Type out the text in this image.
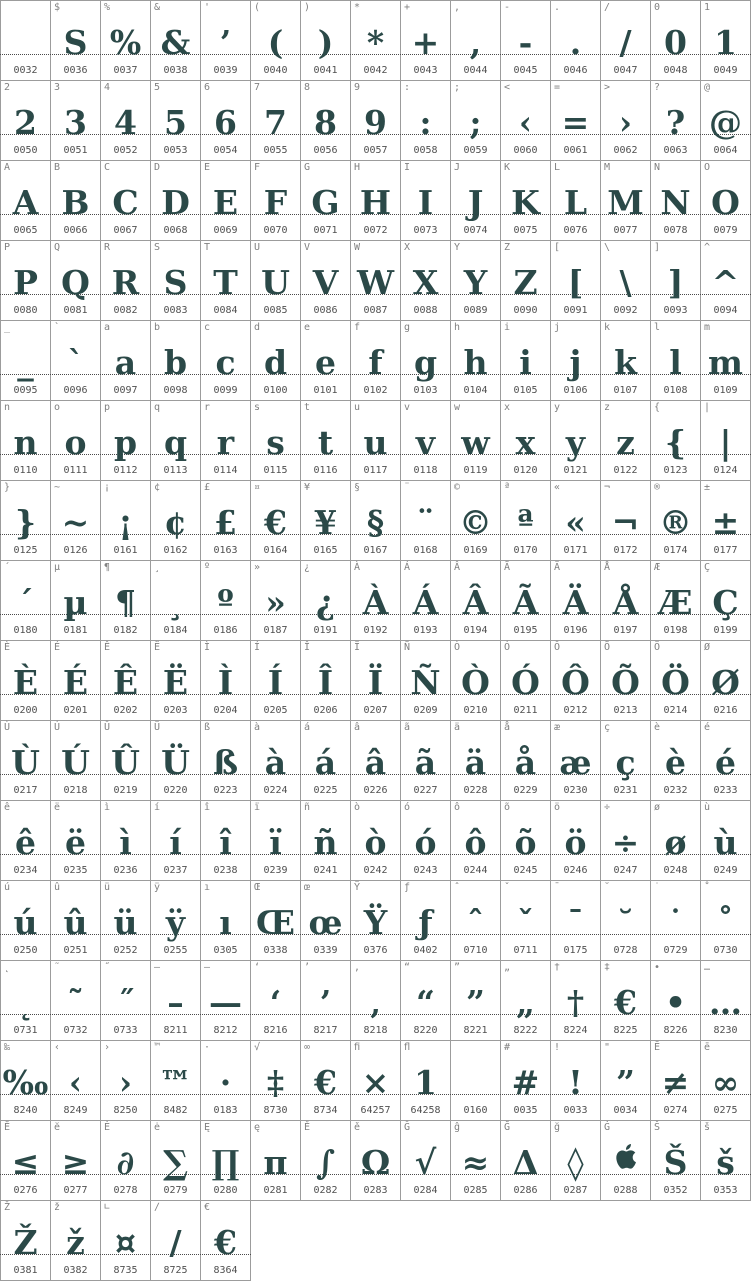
0032
$
S
0036
%
%
0037
&
&
0038
'
’
0039
(
(
0040
)
)
0041
*
*
0042
+
+
0043
,
,
0044
-
-
0045
.
.
0046
/
/
0047
0
0
0048
1
1
0049
2
2
0050
3
3
0051
4
4
0052
5
5
0053
6
6
0054
7
7
0055
8
8
0056
9
9
0057
:
:
0058
;
;
0059
<
‹
0060
=
=
0061
>
›
0062
?
?
0063
@
@
0064
A
A
0065
B
B
0066
C
C
0067
D
D
0068
E
E
0069
F
F
0070
G
G
0071
H
H
0072
I
I
0073
J
J
0074
K
K
0075
L
L
0076
M
M
0077
N
N
0078
O
O
0079
P
P
0080
Q
Q
0081
R
R
0082
S
S
0083
T
T
0084
U
U
0085
V
V
0086
W
W
0087
X
X
0088
Y
Y
0089
Z
Z
0090
[
[
0091
\
\
0092
]
]
0093
^
^
0094
_
_
0095
`
`
0096
a
a
0097
b
b
0098
c
c
0099
d
d
0100
e
e
0101
f
f
0102
g
g
0103
h
h
0104
i
i
0105
j
j
0106
k
k
0107
l
l
0108
m
m
0109
n
n
0110
o
o
0111
p
p
0112
q
q
0113
r
r
0114
s
s
0115
t
t
0116
u
u
0117
v
v
0118
w
w
0119
x
x
0120
y
y
0121
z
z
0122
{
{
0123
|
|
0124
}
}
0125
~
~
0126
¡
¡
0161
¢
¢
0162
£
£
0163
¤
€
0164
¥
¥
0165
§
§
0167
¨
¨
0168
©
©
0169
ª
ª
0170
«
«
0171
¬
¬
0172
®
®
0174
±
±
0177
´
´
0180
µ
µ
0181
¶
¶
0182
¸
¸
0184
º
º
0186
»
»
0187
¿
¿
0191
À
À
0192
Á
Á
0193
Â
Â
0194
Ã
Ã
0195
Ä
Ä
0196
Å
Å
0197
Æ
Æ
0198
Ç
Ç
0199
È
È
0200
É
É
0201
Ê
Ê
0202
Ë
Ë
0203
Ì
Ì
0204
Í
Í
0205
Î
Î
0206
Ï
Ï
0207
Ñ
Ñ
0209
Ò
Ò
0210
Ó
Ó
0211
Ô
Ô
0212
Õ
Õ
0213
Ö
Ö
0214
Ø
Ø
0216
Ù
Ù
0217
Ú
Ú
0218
Û
Û
0219
Ü
Ü
0220
ß
ß
0223
à
à
0224
á
á
0225
â
â
0226
ã
ã
0227
ä
ä
0228
å
å
0229
æ
æ
0230
ç
ç
0231
è
è
0232
é
é
0233
ê
ê
0234
ë
ë
0235
ì
ì
0236
í
í
0237
î
î
0238
ï
ï
0239
ñ
ñ
0241
ò
ò
0242
ó
ó
0243
ô
ô
0244
õ
õ
0245
ö
ö
0246
÷
÷
0247
ø
ø
0248
ù
ù
0249
ú
ú
0250
û
û
0251
ü
ü
0252
ÿ
ÿ
0255
ı
ı
0305
Œ
Œ
0338
œ
œ
0339
Ÿ
Ÿ
0376
ƒ
ƒ
0402
ˆ
ˆ
0710
ˇ
ˇ
0711
¯
¯
0175
˘
˘
0728
˙
˙
0729
˚
˚
0730
˛
˛
0731
˜
˜
0732
˝
˝
0733
–
–
8211
—
—
8212
‘
‘
8216
’
’
8217
‚
‚
8218
“
“
8220
”
”
8221
„
„
8222
†
†
8224
‡
€
8225
•
•
8226
…
…
8230
‰
‰
8240
‹
‹
8249
›
›
8250
™
™
8482
·
·
0183
√
‡
8730
∞
€
8734
ﬁ
×
64257
ﬂ
1
64258	0160
#
#
0035
!
!
0033
"
”
0034
Ē
≠
0274
ē
∞
0275
Ĕ
≤
0276
ĕ
≥
0277
Ė
∂
0278
ė
∑
0279
Ę
∏
0280
ę
π
0281
Ě
∫
0282
ě
Ω
0283
Ĝ
√
0284
ĝ
≈
0285
Ğ
Δ
0286
ğ
◊
0287
Ġ
0288
Š
Š
0352
š
š
0353
Ž
Ž
0381
ž
ž
0382
∟
¤
8735
∕
/
8725
€
€
8364
